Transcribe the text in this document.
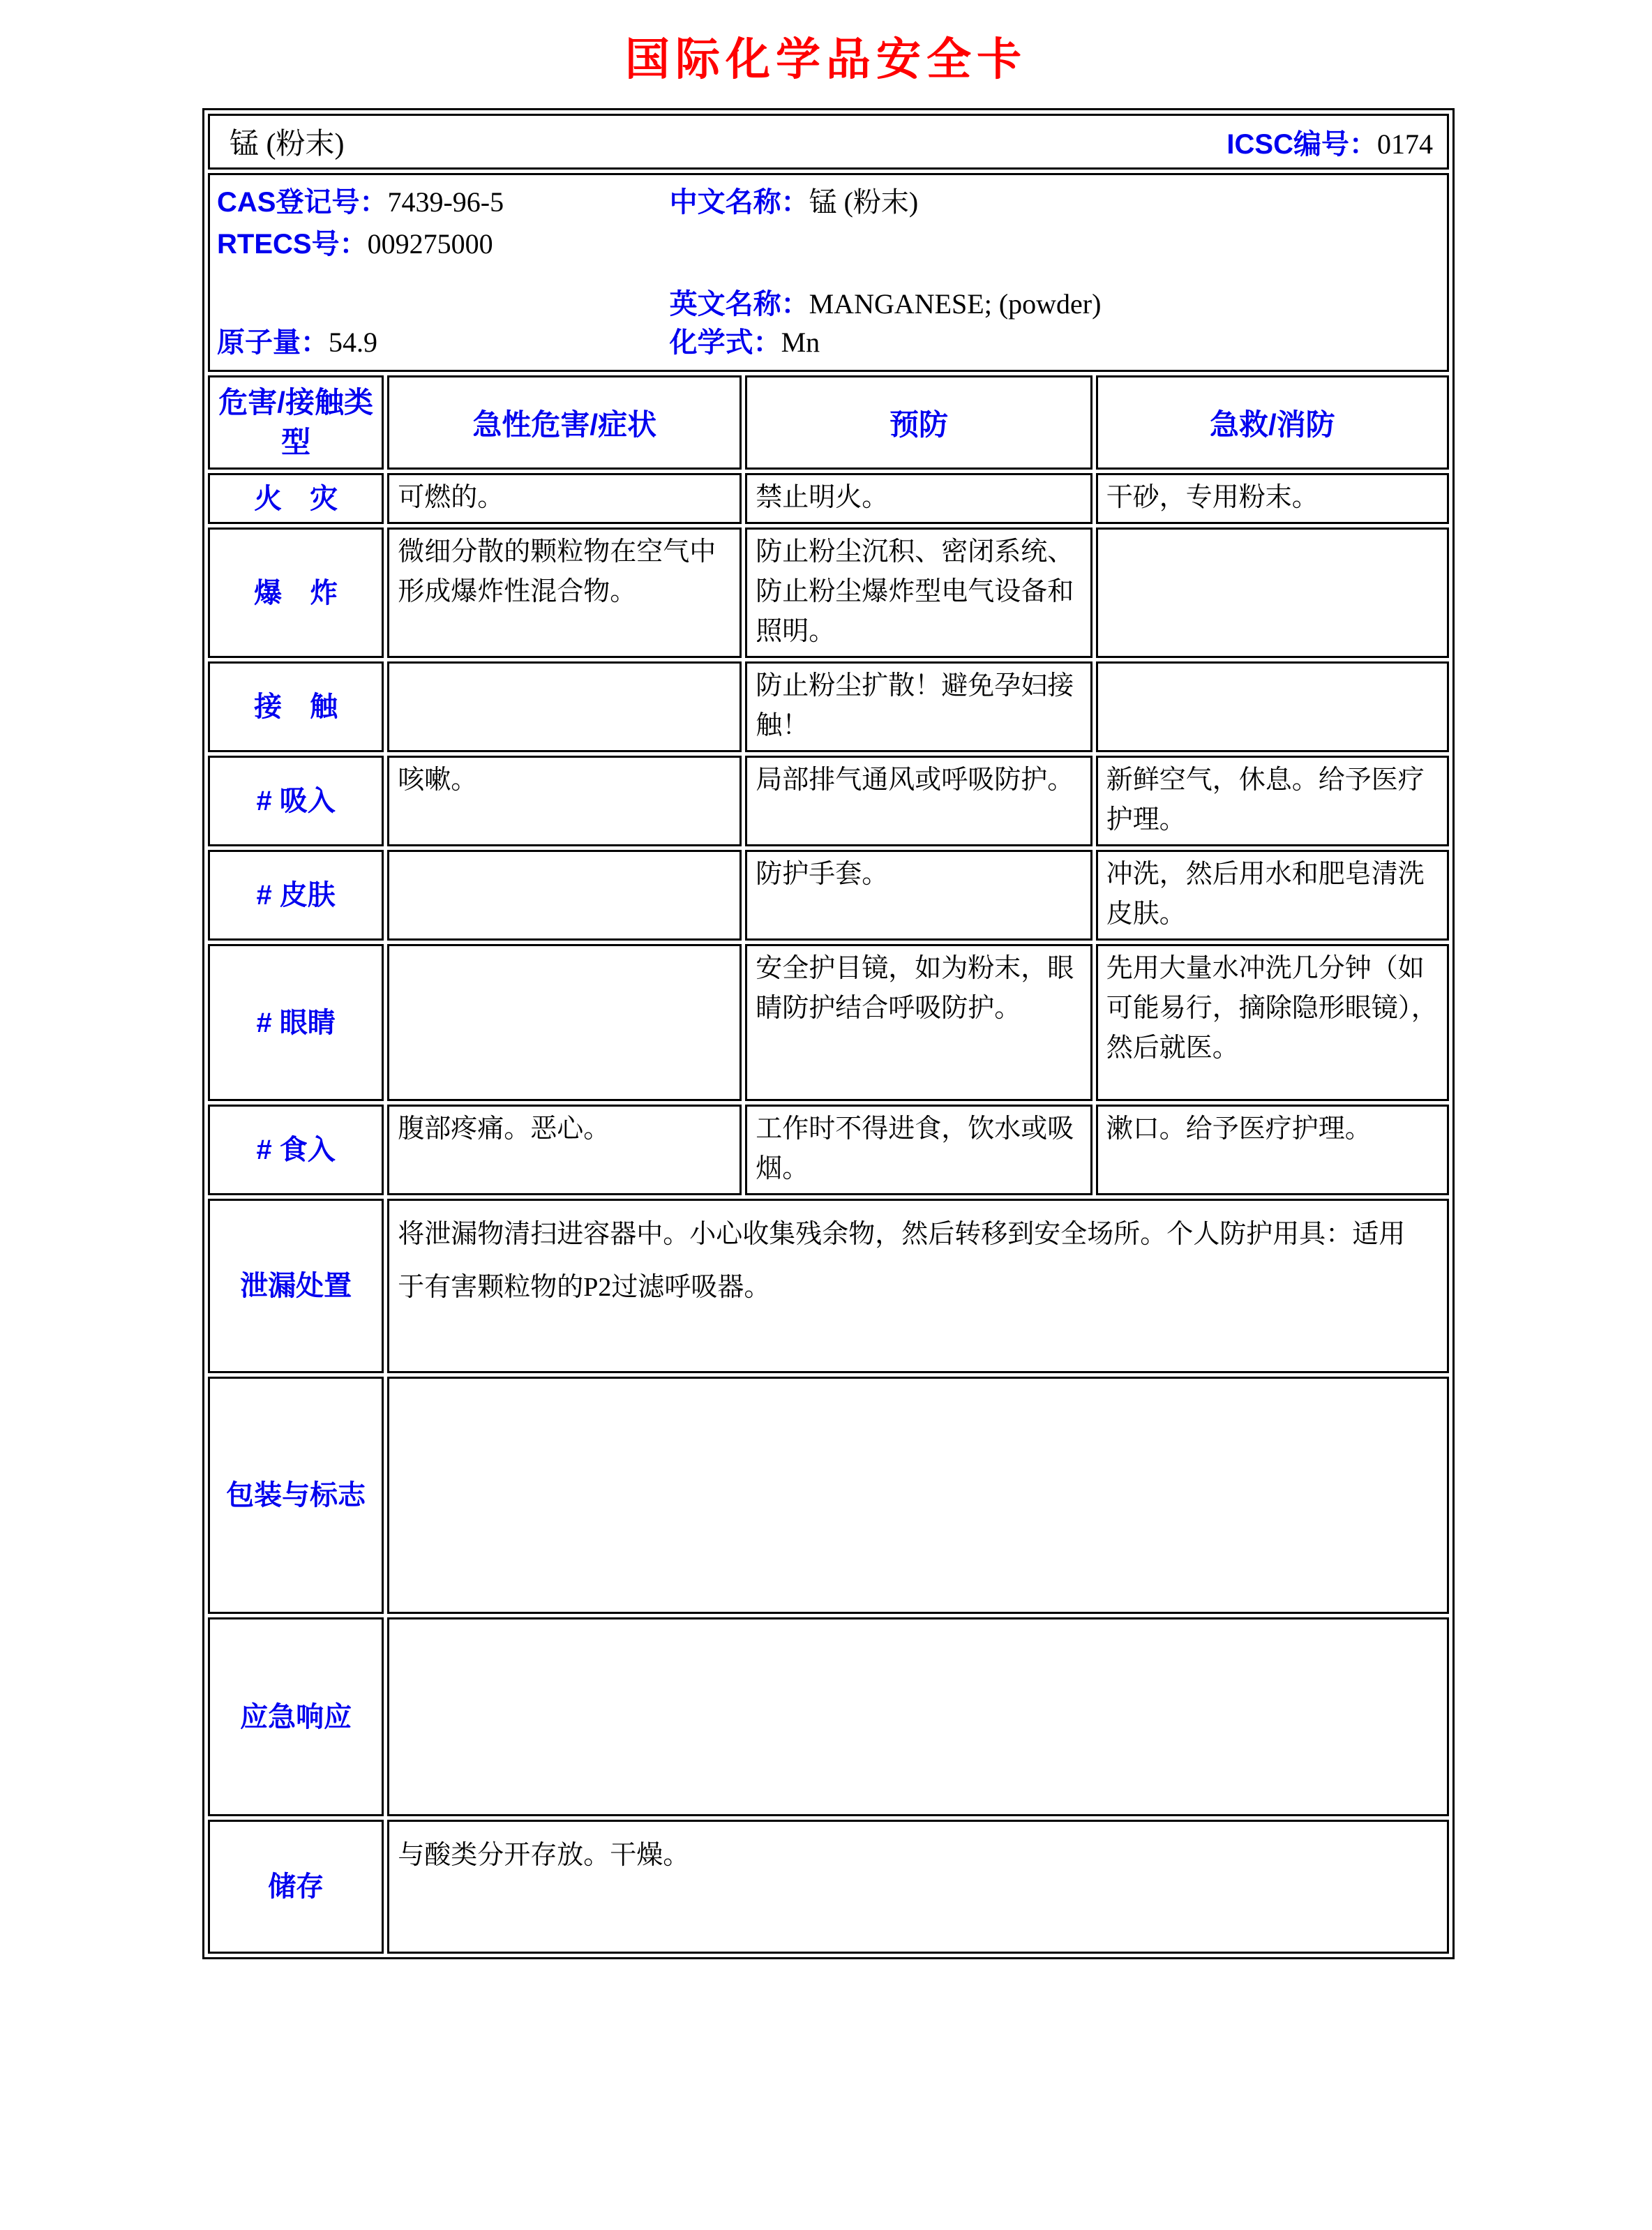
国际化学品安全卡
锰 (粉末) ICSC编号：0174			

CAS登记号：7439-96-5
RTECS号：009275000
原子量：54.9
中文名称：锰 (粉末)
英文名称：MANGANESE; (powder)
化学式：Mn

危害/接触类型	急性危害/症状	预防	急救/消防
火　灾	可燃的。	禁止明火。	干砂，专用粉末。
爆　炸	微细分散的颗粒物在空气中形成爆炸性混合物。	防止粉尘沉积、密闭系统、防止粉尘爆炸型电气设备和照明。	
接　触		防止粉尘扩散！避免孕妇接触！	
# 吸入	咳嗽。	局部排气通风或呼吸防护。	新鲜空气，休息。给予医疗护理。
# 皮肤		防护手套。	冲洗，然后用水和肥皂清洗皮肤。
# 眼睛		安全护目镜，如为粉末，眼睛防护结合呼吸防护。	先用大量水冲洗几分钟（如可能易行，摘除隐形眼镜），然后就医。
# 食入	腹部疼痛。恶心。	工作时不得进食，饮水或吸烟。	漱口。给予医疗护理。
泄漏处置	将泄漏物清扫进容器中。小心收集残余物，然后转移到安全场所。个人防护用具：适用于有害颗粒物的P2过滤呼吸器。		
包装与标志			
应急响应			
储存	与酸类分开存放。干燥。		
